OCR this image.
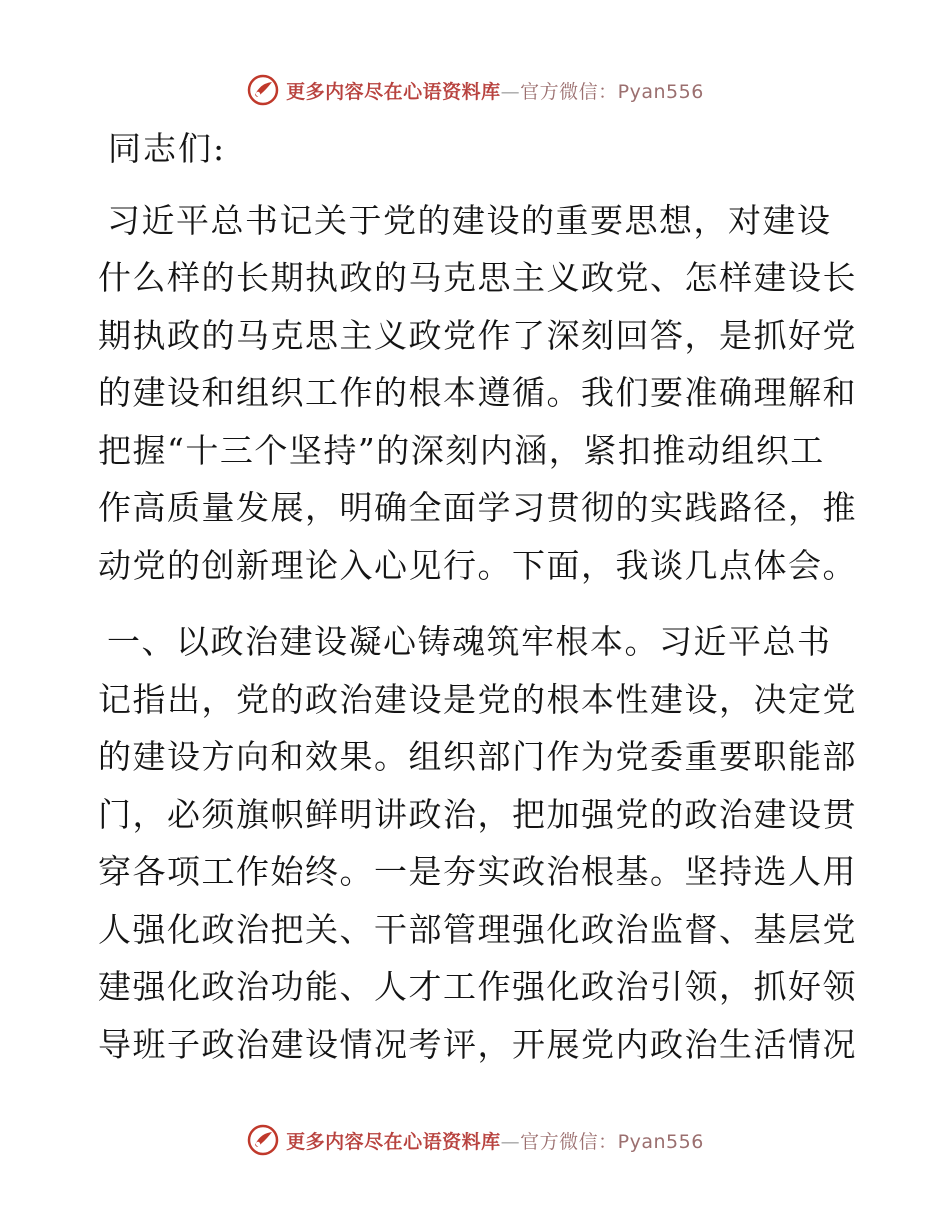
更多内容尽在心语资料库—官方微信：Pyan556
同志们:
习近平总书记关于党的建设的重要思想，对建设
什么样的长期执政的马克思主义政党、怎样建设长
期执政的马克思主义政党作了深刻回答，是抓好党
的建设和组织工作的根本遵循。我们要准确理解和
把握“十三个坚持”的深刻内涵，紧扣推动组织工
作高质量发展，明确全面学习贯彻的实践路径，推
动党的创新理论入心见行。下面，我谈几点体会。
一、以政治建设凝心铸魂筑牢根本。习近平总书
记指出，党的政治建设是党的根本性建设，决定党
的建设方向和效果。组织部门作为党委重要职能部
门，必须旗帜鲜明讲政治，把加强党的政治建设贯
穿各项工作始终。一是夯实政治根基。坚持选人用
人强化政治把关、干部管理强化政治监督、基层党
建强化政治功能、人才工作强化政治引领，抓好领
导班子政治建设情况考评，开展党内政治生活情况
更多内容尽在心语资料库—官方微信：Pyan556
